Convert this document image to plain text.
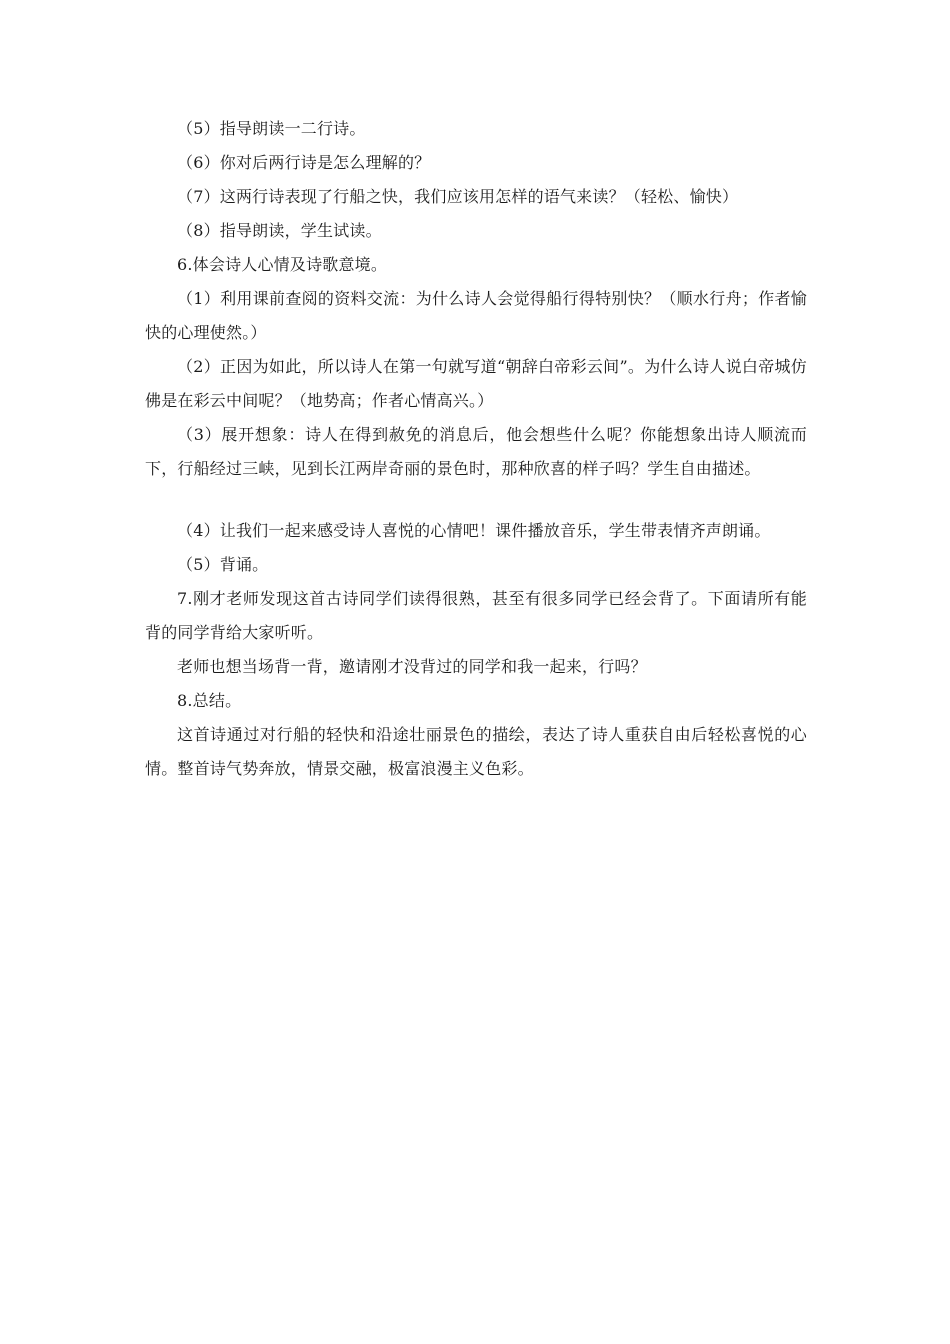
（5）指导朗读一二行诗。

（6）你对后两行诗是怎么理解的？

（7）这两行诗表现了行船之快，我们应该用怎样的语气来读？（轻松、愉快）

（8）指导朗读，学生试读。

6.体会诗人心情及诗歌意境。

（1）利用课前查阅的资料交流：为什么诗人会觉得船行得特别快？（顺水行舟；作者愉快的心理使然。）

（2）正因为如此，所以诗人在第一句就写道“朝辞白帝彩云间”。为什么诗人说白帝城仿佛是在彩云中间呢？（地势高；作者心情高兴。）

（3）展开想象：诗人在得到赦免的消息后，他会想些什么呢？你能想象出诗人顺流而下，行船经过三峡，见到长江两岸奇丽的景色时，那种欣喜的样子吗？学生自由描述。

（4）让我们一起来感受诗人喜悦的心情吧！课件播放音乐，学生带表情齐声朗诵。

（5）背诵。

7.刚才老师发现这首古诗同学们读得很熟，甚至有很多同学已经会背了。下面请所有能背的同学背给大家听听。

老师也想当场背一背，邀请刚才没背过的同学和我一起来，行吗？

8.总结。

这首诗通过对行船的轻快和沿途壮丽景色的描绘，表达了诗人重获自由后轻松喜悦的心情。整首诗气势奔放，情景交融，极富浪漫主义色彩。
